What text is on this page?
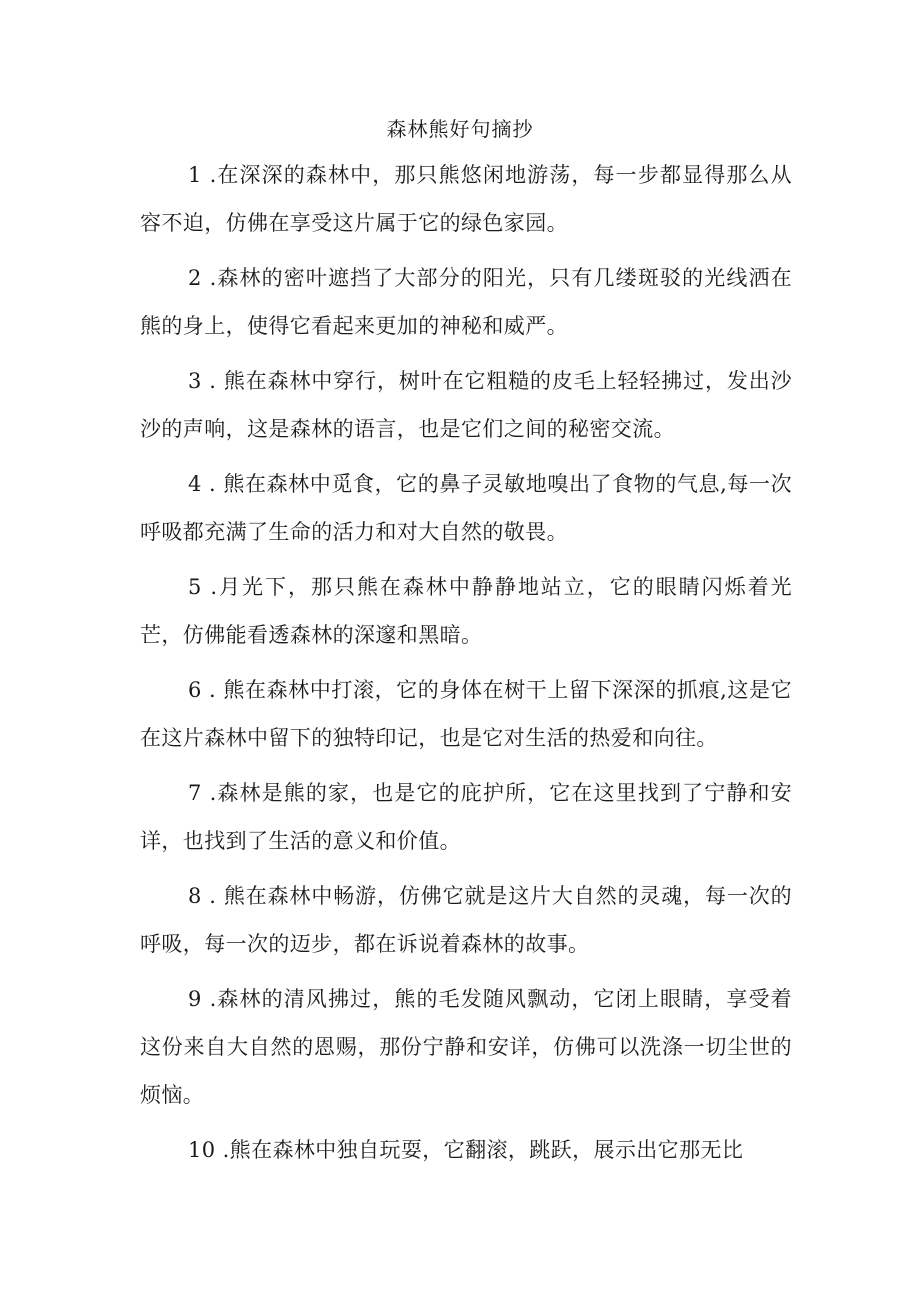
森林熊好句摘抄

1 .在深深的森林中，那只熊悠闲地游荡，每一步都显得那么从容不迫，仿佛在享受这片属于它的绿色家园。

2 .森林的密叶遮挡了大部分的阳光，只有几缕斑驳的光线洒在熊的身上，使得它看起来更加的神秘和威严。

3 . 熊在森林中穿行，树叶在它粗糙的皮毛上轻轻拂过，发出沙沙的声响，这是森林的语言，也是它们之间的秘密交流。

4 . 熊在森林中觅食，它的鼻子灵敏地嗅出了食物的气息,每一次呼吸都充满了生命的活力和对大自然的敬畏。

5 .月光下，那只熊在森林中静静地站立，它的眼睛闪烁着光芒，仿佛能看透森林的深邃和黑暗。

6 . 熊在森林中打滚，它的身体在树干上留下深深的抓痕,这是它在这片森林中留下的独特印记，也是它对生活的热爱和向往。

7 .森林是熊的家，也是它的庇护所，它在这里找到了宁静和安详，也找到了生活的意义和价值。

8 . 熊在森林中畅游，仿佛它就是这片大自然的灵魂，每一次的呼吸，每一次的迈步，都在诉说着森林的故事。

9 .森林的清风拂过，熊的毛发随风飘动，它闭上眼睛，享受着这份来自大自然的恩赐，那份宁静和安详，仿佛可以洗涤一切尘世的烦恼。

10 .熊在森林中独自玩耍，它翻滚，跳跃，展示出它那无比
